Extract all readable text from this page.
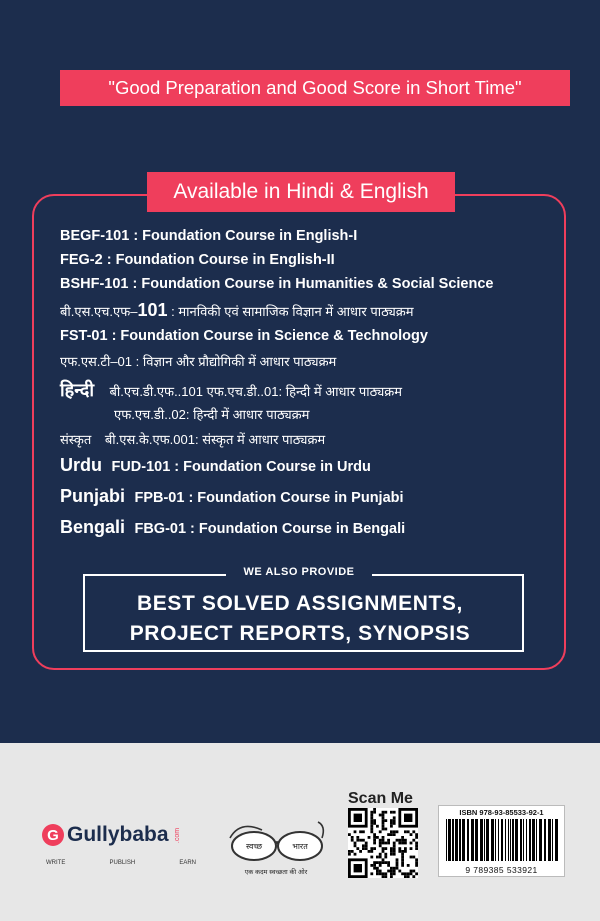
"Good Preparation and Good Score in Short Time"
Available in Hindi & English
BEGF-101 : Foundation Course in English-I
FEG-2 : Foundation Course in English-II
BSHF-101 : Foundation Course in Humanities & Social Science
बी.एस.एच.एफ–101 : मानविकी एवं सामाजिक विज्ञान में आधार पाठ्यक्रम
FST-01 : Foundation Course in Science & Technology
एफ.एस.टी–01 : विज्ञान और प्रौद्योगिकी में आधार पाठ्यक्रम
हिन्दी बी.एच.डी.एफ..101 एफ.एच.डी..01: हिन्दी में आधार पाठ्यक्रम
एफ.एच.डी..02: हिन्दी में आधार पाठ्यक्रम
संस्कृत बी.एस.के.एफ.001: संस्कृत में आधार पाठ्यक्रम
Urdu FUD-101 : Foundation Course in Urdu
Punjabi FPB-01 : Foundation Course in Punjabi
Bengali FBG-01 : Foundation Course in Bengali
WE ALSO PROVIDE
BEST SOLVED ASSIGNMENTS,
PROJECT REPORTS, SYNOPSIS
G Gullybaba .com
WRITE	PUBLISH	EARN
स्वच्छ	भारत
एक कदम स्वच्छता की ओर
Scan Me
ISBN 978-93-85533-92-1
9 789385 533921
